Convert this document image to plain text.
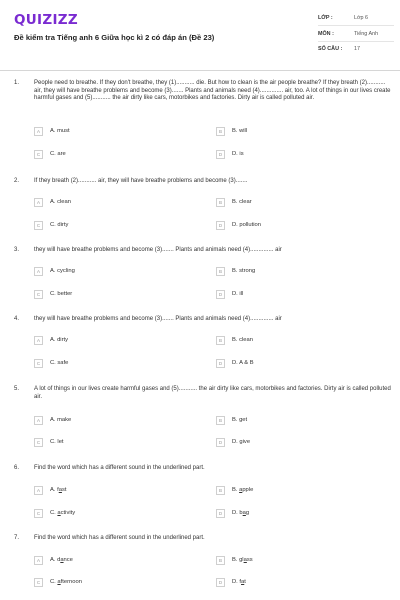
QUIZIZZ
Đề kiểm tra Tiếng anh 6 Giữa học kì 2 có đáp án (Đề 23)
LỚP :	Lớp 6
MÔN :	Tiếng Anh
SỐ CÂU : 17
1. People need to breathe. If they don't breathe, they (1)........... die. But how to clean is the air people breathe? If they breath (2)........... air, they will have breathe problems and become (3)....... Plants and animals need (4).............. air, too. A lot of things in our lives create harmful gases and (5)........... the air dirty like cars, motorbikes and factories. Dirty air is called polluted air.
A	A. must	B	B. will
C	C. are	D	D. is
2. If they breath (2)........... air, they will have breathe problems and become (3).......
A	A. clean	B	B. clear
C	C. dirty	D	D. pollution
3. they will have breathe problems and become (3)....... Plants and animals need (4).............. air
A	A. cycling	B	B. strong
C	C. better	D	D. ill
4. they will have breathe problems and become (3)....... Plants and animals need (4).............. air
A	A. dirty	B	B. clean
C	C. safe	D	D. A & B
5. A lot of things in our lives create harmful gases and (5)........... the air dirty like cars, motorbikes and factories. Dirty air is called polluted air.
A	A. make	B	B. get
C	C. let	D	D. give
6. Find the word which has a different sound in the underlined part.
A	A. fast	B	B. apple
C	C. activity	D	D. bag
7. Find the word which has a different sound in the underlined part.
A	A. dance	B	B. glass
C	C. afternoon	D	D. fat
